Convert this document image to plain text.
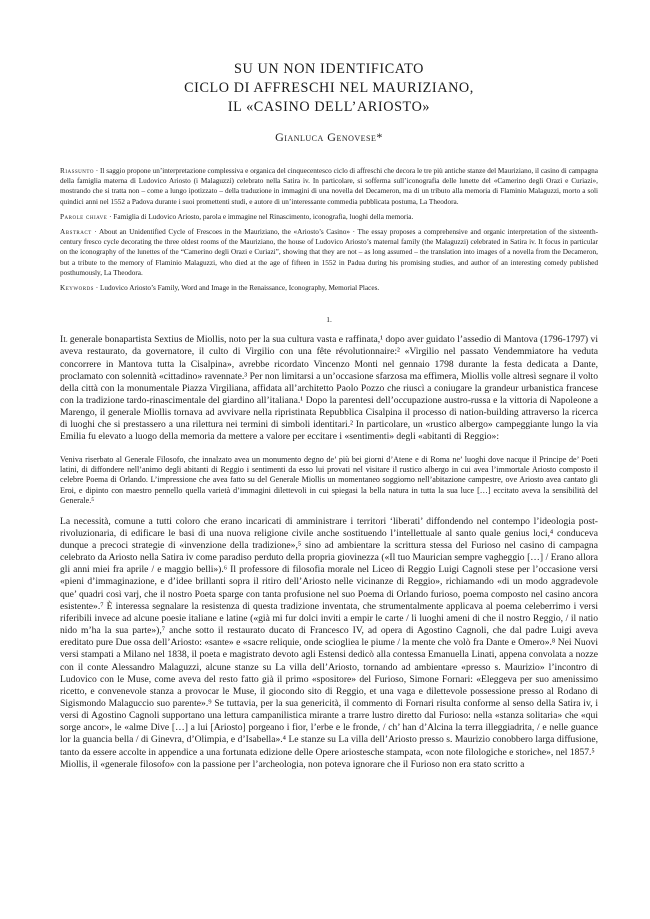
SU UN NON IDENTIFICATO
CICLO DI AFFRESCHI NEL MAURIZIANO,
IL «CASINO DELL’ARIOSTO»
Gianluca Genovese*

Riassunto · Il saggio propone un’interpretazione complessiva e organica del cinquecentesco ciclo di affreschi che decora le tre più antiche stanze del Mauriziano, il casino di campagna della famiglia materna di Ludovico Ariosto (i Malaguzzi) celebrato nella Satira iv. In particolare, si sofferma sull’iconografia delle lunette del «Camerino degli Orazi e Curiazi», mostrando che si tratta non – come a lungo ipotizzato – della traduzione in immagini di una novella del Decameron, ma di un tributo alla memoria di Flaminio Malaguzzi, morto a soli quindici anni nel 1552 a Padova durante i suoi promettenti studi, e autore di un’interessante commedia pubblicata postuma, La Theodora.

Parole chiave · Famiglia di Ludovico Ariosto, parola e immagine nel Rinascimento, iconografia, luoghi della memoria.

Abstract · About an Unidentified Cycle of Frescoes in the Mauriziano, the «Ariosto’s Casino» · The essay proposes a comprehensive and organic interpretation of the sixteenth-century fresco cycle decorating the three oldest rooms of the Mauriziano, the house of Ludovico Ariosto’s maternal family (the Malaguzzi) celebrated in Satira iv. It focus in particular on the iconography of the lunettes of the “Camerino degli Orazi e Curiazi”, showing that they are not – as long assumed – the translation into images of a novella from the Decameron, but a tribute to the memory of Flaminio Malaguzzi, who died at the age of fifteen in 1552 in Padua during his promising studies, and author of an interesting comedy published posthumously, La Theodora.

Keywords · Ludovico Ariosto’s Family, Word and Image in the Renaissance, Iconography, Memorial Places.

1.

Il generale bonapartista Sextius de Miollis, noto per la sua cultura vasta e raffinata,¹ dopo aver guidato l’assedio di Mantova (1796-1797) vi aveva restaurato, da governatore, il culto di Virgilio con una fête révolutionnaire:² «Virgilio nel passato Vendemmiatore ha veduta concorrere in Mantova tutta la Cisalpina», avrebbe ricordato Vincenzo Monti nel gennaio 1798 durante la festa dedicata a Dante, proclamato con solennità «cittadino» ravennate.³ Per non limitarsi a un’occasione sfarzosa ma effimera, Miollis volle altresì segnare il volto della città con la monumentale Piazza Virgiliana, affidata all’architetto Paolo Pozzo che riuscì a coniugare la grandeur urbanistica francese con la tradizione tardo-rinascimentale del giardino all’italiana.¹ Dopo la parentesi dell’occupazione austro-russa e la vittoria di Napoleone a Marengo, il generale Miollis tornava ad avvivare nella ripristinata Repubblica Cisalpina il processo di nation-building attraverso la ricerca di luoghi che si prestassero a una rilettura nei termini di simboli identitari.² In particolare, un «rustico albergo» campeggiante lungo la via Emilia fu elevato a luogo della memoria da mettere a valore per eccitare i «sentimenti» degli «abitanti di Reggio»:

Veniva riserbato al Generale Filosofo, che innalzato avea un monumento degno de’ più bei giorni d’Atene e di Roma ne’ luoghi dove nacque il Principe de’ Poeti latini, di diffondere nell’animo degli abitanti di Reggio i sentimenti da esso lui provati nel visitare il rustico albergo in cui avea l’immortale Ariosto composto il celebre Poema di Orlando. L’impressione che avea fatto su del Generale Miollis un momentaneo soggiorno nell’abitazione campestre, ove Ariosto avea cantato gli Eroi, e dipinto con maestro pennello quella varietà d’immagini dilettevoli in cui spiegasi la bella natura in tutta la sua luce […] eccitato aveva la sensibilità del Generale.⁵

La necessità, comune a tutti coloro che erano incaricati di amministrare i territori ‘liberati’ diffondendo nel contempo l’ideologia post-rivoluzionaria, di edificare le basi di una nuova religione civile anche sostituendo l’intellettuale al santo quale genius loci,⁴ conduceva dunque a precoci strategie di «invenzione della tradizione»,⁵ sino ad ambientare la scrittura stessa del Furioso nel casino di campagna celebrato da Ariosto nella Satira iv come paradiso perduto della propria giovinezza («Il tuo Maurician sempre vagheggio […] / Erano allora gli anni miei fra aprile / e maggio belli»).⁶ Il professore di filosofia morale nel Liceo di Reggio Luigi Cagnoli stese per l’occasione versi «pieni d’immaginazione, e d’idee brillanti sopra il ritiro dell’Ariosto nelle vicinanze di Reggio», richiamando «di un modo aggradevole que’ quadri così varj, che il nostro Poeta sparge con tanta profusione nel suo Poema di Orlando furioso, poema composto nel casino ancora esistente».⁷ È interessa segnalare la resistenza di questa tradizione inventata, che strumentalmente applicava al poema celeberrimo i versi riferibili invece ad alcune poesie italiane e latine («già mi fur dolci inviti a empir le carte / li luoghi ameni di che il nostro Reggio, / il natio nido m’ha la sua parte»),⁷ anche sotto il restaurato ducato di Francesco IV, ad opera di Agostino Cagnoli, che dal padre Luigi aveva ereditato pure Due ossa dell’Ariosto: «sante» e «sacre reliquie, onde sciogliea le piume / la mente che volò fra Dante e Omero».⁸ Nei Nuovi versi stampati a Milano nel 1838, il poeta e magistrato devoto agli Estensi dedicò alla contessa Emanuella Linati, appena convolata a nozze con il conte Alessandro Malaguzzi, alcune stanze su La villa dell’Ariosto, tornando ad ambientare «presso s. Maurizio» l’incontro di Ludovico con le Muse, come aveva del resto fatto già il primo «spositore» del Furioso, Simone Fornari: «Eleggeva per suo amenissimo ricetto, e convenevole stanza a provocar le Muse, il giocondo sito di Reggio, et una vaga e dilettevole possessione presso al Rodano di Sigismondo Malaguccio suo parente».⁹ Se tuttavia, per la sua genericità, il commento di Fornari risulta conforme al senso della Satira iv, i versi di Agostino Cagnoli supportano una lettura campanilistica mirante a trarre lustro diretto dal Furioso: nella «stanza solitaria» che «qui sorge ancor», le «alme Dive […] a lui [Ariosto] porgeano i fior, l’erbe e le fronde, / ch’ han d’Alcina la terra illeggiadrita, / e nelle guance lor la guancia bella / di Ginevra, d’Olimpia, e d’Isabella».⁴ Le stanze su La villa dell’Ariosto presso s. Maurizio conobbero larga diffusione, tanto da essere accolte in appendice a una fortunata edizione delle Opere ariostesche stampata, «con note filologiche e storiche», nel 1857.⁵

Miollis, il «generale filosofo» con la passione per l’archeologia, non poteva ignorare che il Furioso non era stato scritto a
